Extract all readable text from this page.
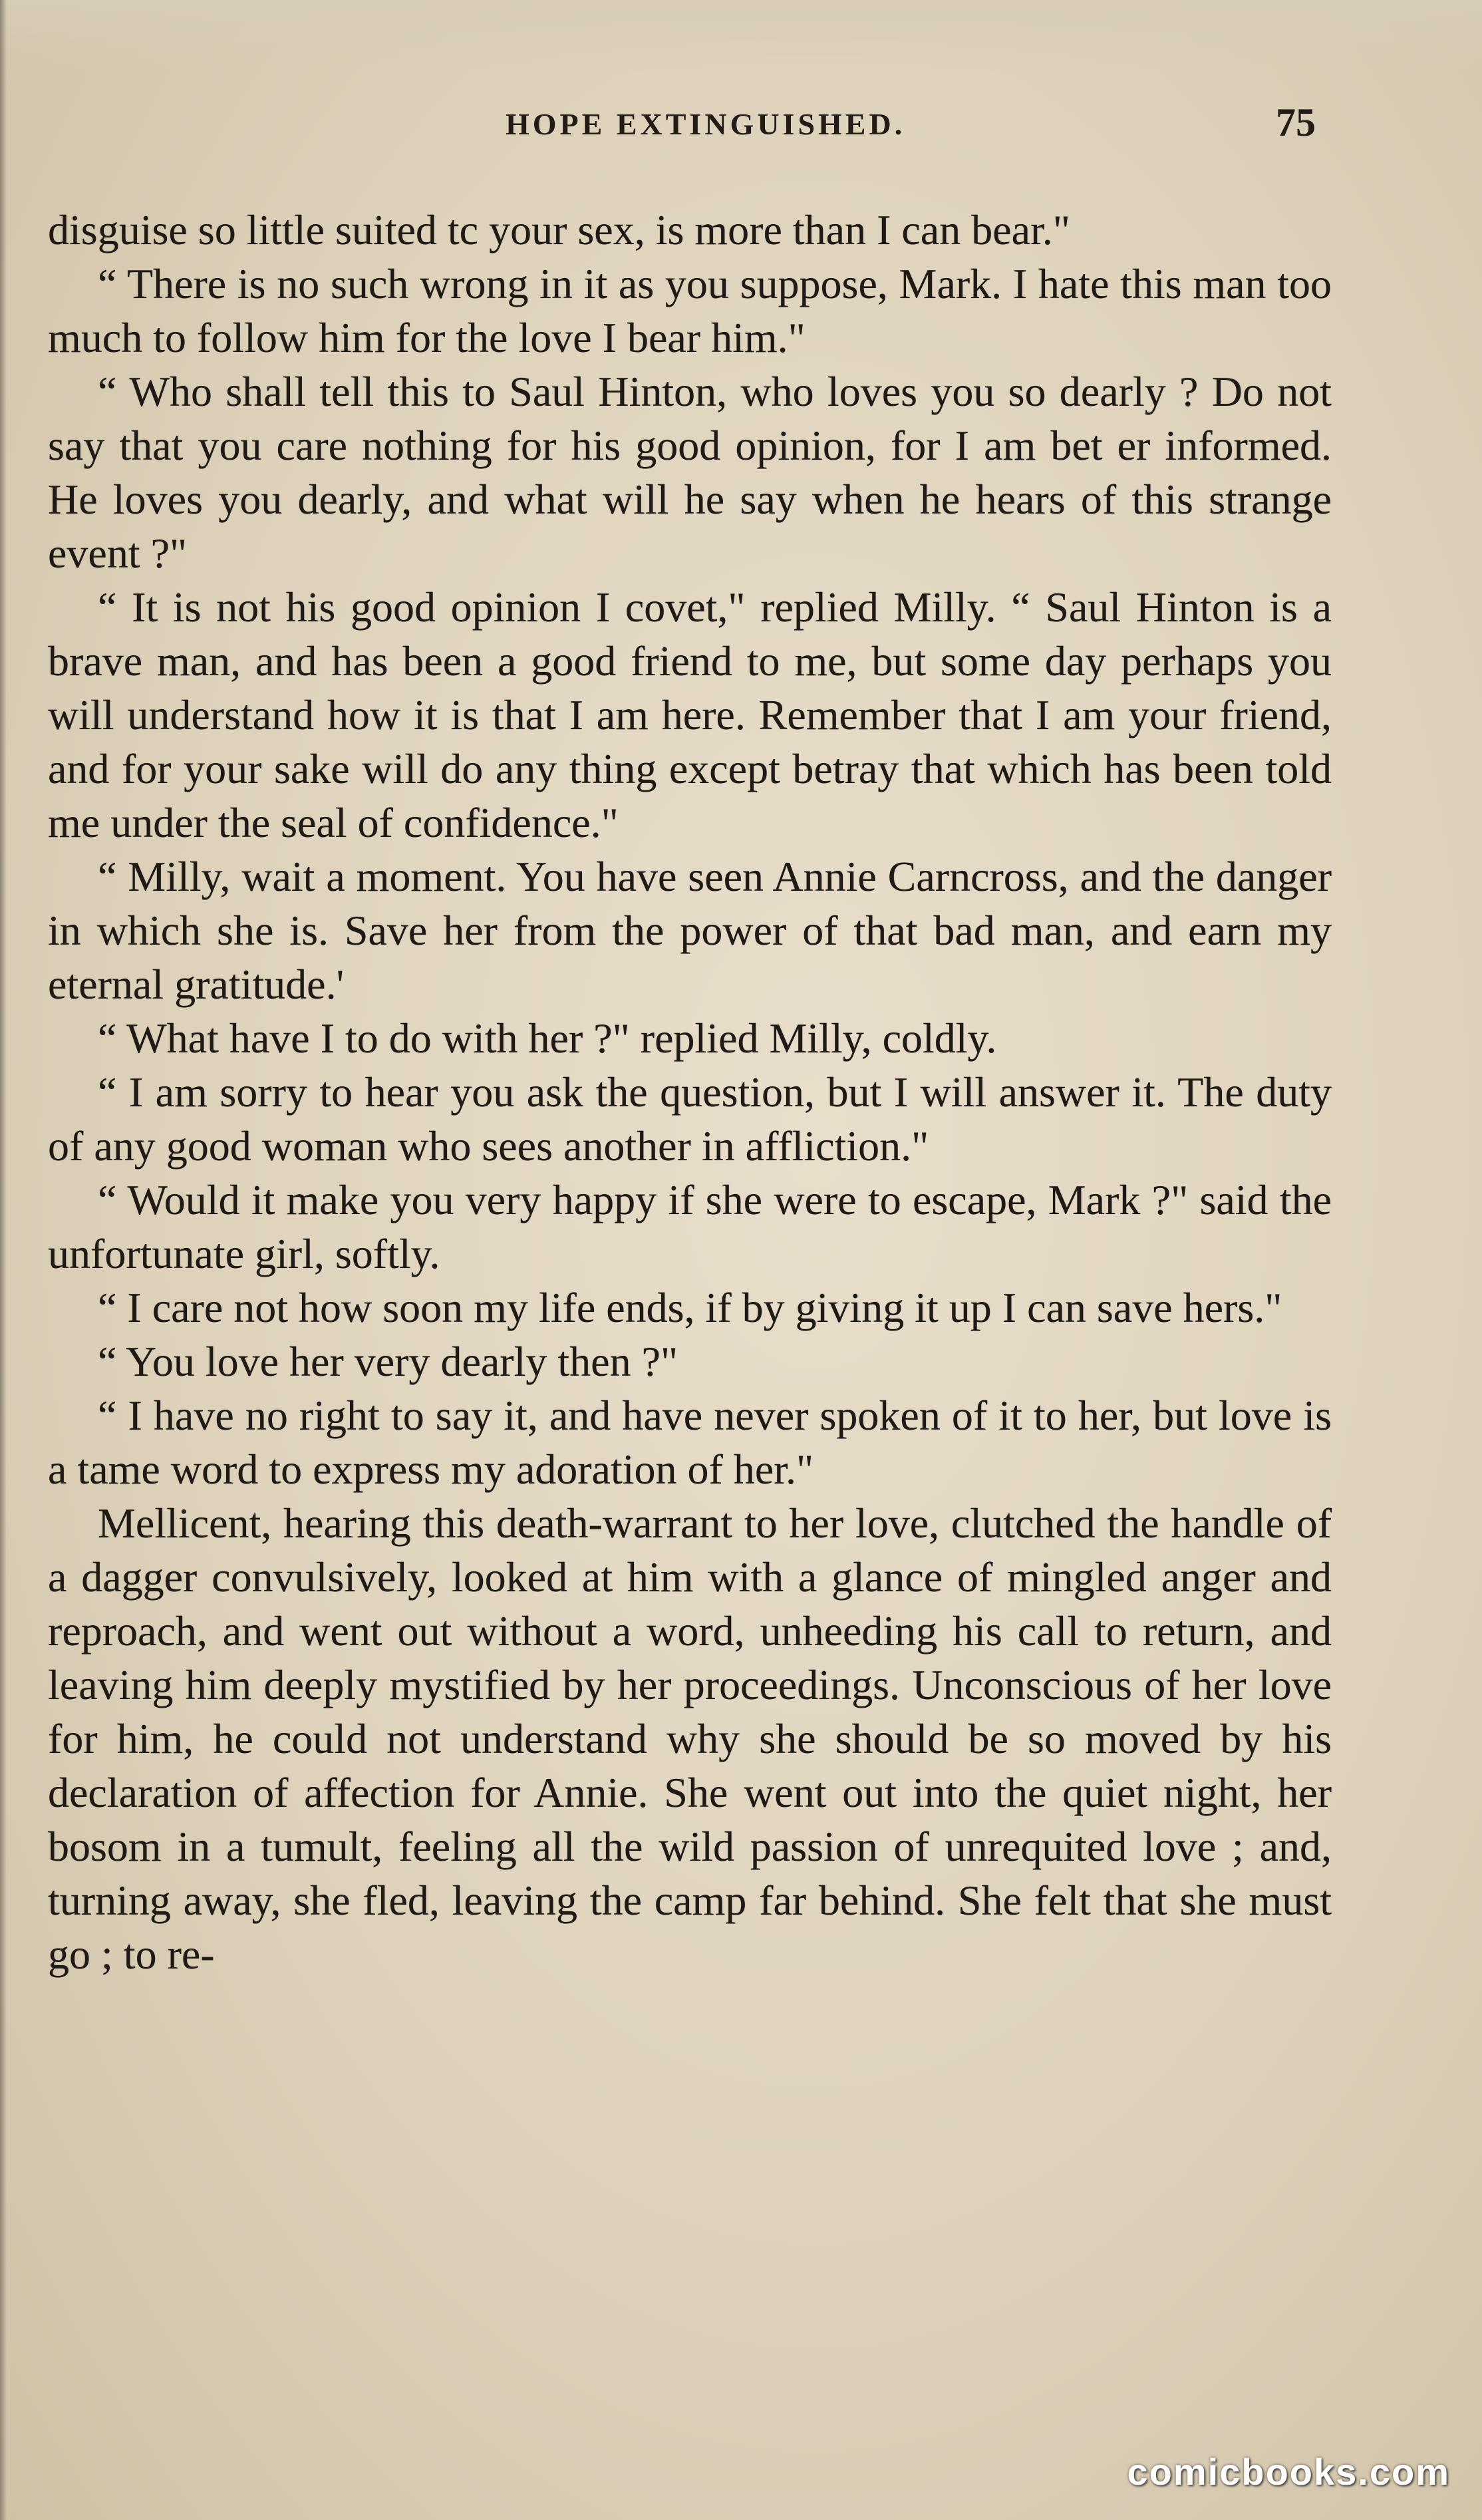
HOPE EXTINGUISHED.	75

disguise so little suited tc your sex, is more than I can bear."

“ There is no such wrong in it as you suppose, Mark. I hate this man too much to follow him for the love I bear him."

“ Who shall tell this to Saul Hinton, who loves you so dearly ? Do not say that you care nothing for his good opinion, for I am bet er informed. He loves you dearly, and what will he say when he hears of this strange event ?"

“ It is not his good opinion I covet," replied Milly. “ Saul Hinton is a brave man, and has been a good friend to me, but some day perhaps you will understand how it is that I am here. Remember that I am your friend, and for your sake will do any thing except betray that which has been told me under the seal of confidence."

“ Milly, wait a moment. You have seen Annie Carncross, and the danger in which she is. Save her from the power of that bad man, and earn my eternal gratitude.'

“ What have I to do with her ?" replied Milly, coldly.

“ I am sorry to hear you ask the question, but I will answer it. The duty of any good woman who sees another in affliction."

“ Would it make you very happy if she were to escape, Mark ?" said the unfortunate girl, softly.

“ I care not how soon my life ends, if by giving it up I can save hers."

“ You love her very dearly then ?"

“ I have no right to say it, and have never spoken of it to her, but love is a tame word to express my adoration of her."

Mellicent, hearing this death-warrant to her love, clutched the handle of a dagger convulsively, looked at him with a glance of mingled anger and reproach, and went out without a word, unheeding his call to return, and leaving him deeply mystified by her proceedings. Unconscious of her love for him, he could not understand why she should be so moved by his declaration of affection for Annie. She went out into the quiet night, her bosom in a tumult, feeling all the wild passion of unrequited love ; and, turning away, she fled, leaving the camp far behind. She felt that she must go ; to re-

comicbooks.com
